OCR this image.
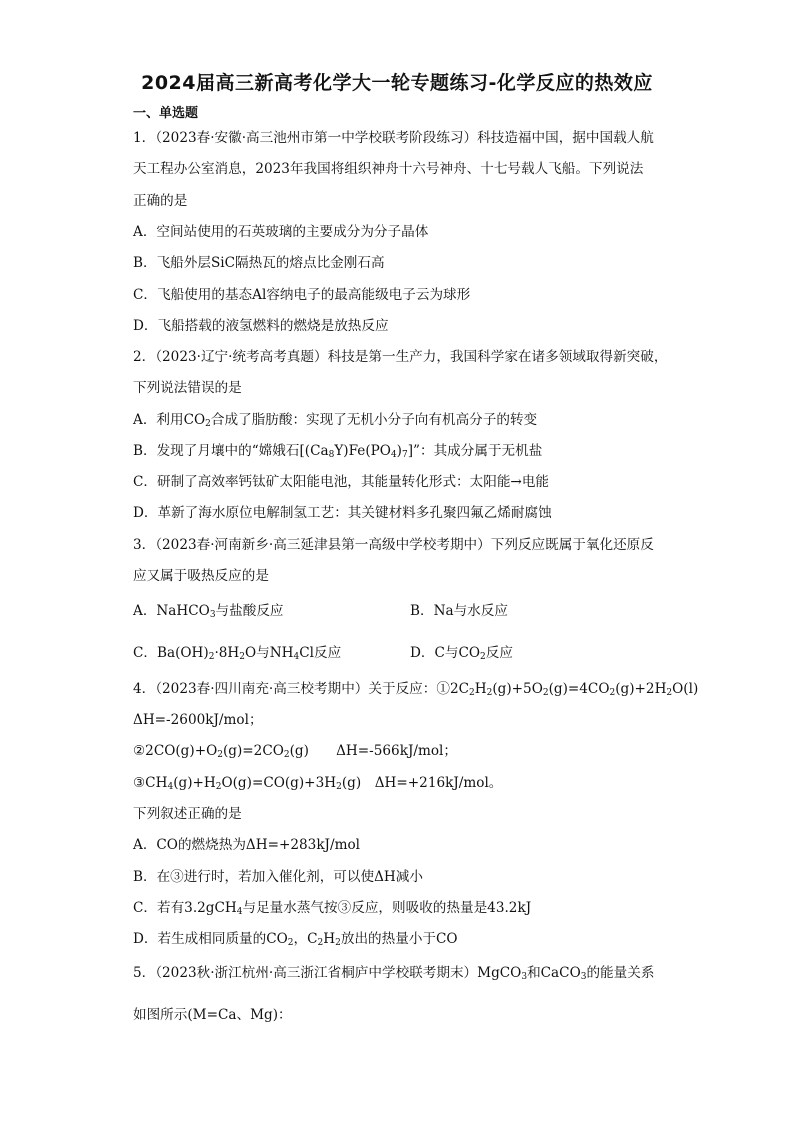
2024届高三新高考化学大一轮专题练习-化学反应的热效应
一、单选题
1．（2023春·安徽·高三池州市第一中学校联考阶段练习）科技造福中国，据中国载人航
天工程办公室消息，2023年我国将组织神舟十六号神舟、十七号载人飞船。下列说法
正确的是
A．空间站使用的石英玻璃的主要成分为分子晶体
B．飞船外层SiC隔热瓦的熔点比金刚石高
C．飞船使用的基态Al容纳电子的最高能级电子云为球形
D．飞船搭载的液氢燃料的燃烧是放热反应
2．（2023·辽宁·统考高考真题）科技是第一生产力，我国科学家在诸多领域取得新突破，
下列说法错误的是
A．利用$CO_2$合成了脂肪酸：实现了无机小分子向有机高分子的转变
B．发现了月壤中的“嫦娥石$[(Ca_8Y)Fe(PO_4)_7]$”：其成分属于无机盐
C．研制了高效率钙钛矿太阳能电池，其能量转化形式：太阳能→电能
D．革新了海水原位电解制氢工艺：其关键材料多孔聚四氟乙烯耐腐蚀
3．（2023春·河南新乡·高三延津县第一高级中学校考期中）下列反应既属于氧化还原反
应又属于吸热反应的是
A．NaHCO$_3$与盐酸反应	B．Na与水反应
C．$Ba(OH)_2\cdot 8H_2O$与$NH_4Cl$反应	D．C与$CO_2$反应
4．（2023春·四川南充·高三校考期中）关于反应：$①2C_2H_2(g)+5O_2(g)=4CO_2(g)+2H_2O(l)$
ΔH=-2600kJ/mol；
$②2CO(g)+O_2(g)=2CO_2(g)$　　ΔH=-566kJ/mol；
$③CH_4(g)+H_2O(g)=CO(g)+3H_2(g)$　ΔH=+216kJ/mol。
下列叙述正确的是
A．CO的燃烧热为ΔH=+283kJ/mol
B．在③进行时，若加入催化剂，可以使ΔH减小
C．若有3.2gCH$_4$与足量水蒸气按③反应，则吸收的热量是43.2kJ
D．若生成相同质量的$CO_2$，$C_2H_2$放出的热量小于CO
5．（2023秋·浙江杭州·高三浙江省桐庐中学校联考期末）MgCO$_3$和CaCO$_3$的能量关系
如图所示(M=Ca、Mg)：
